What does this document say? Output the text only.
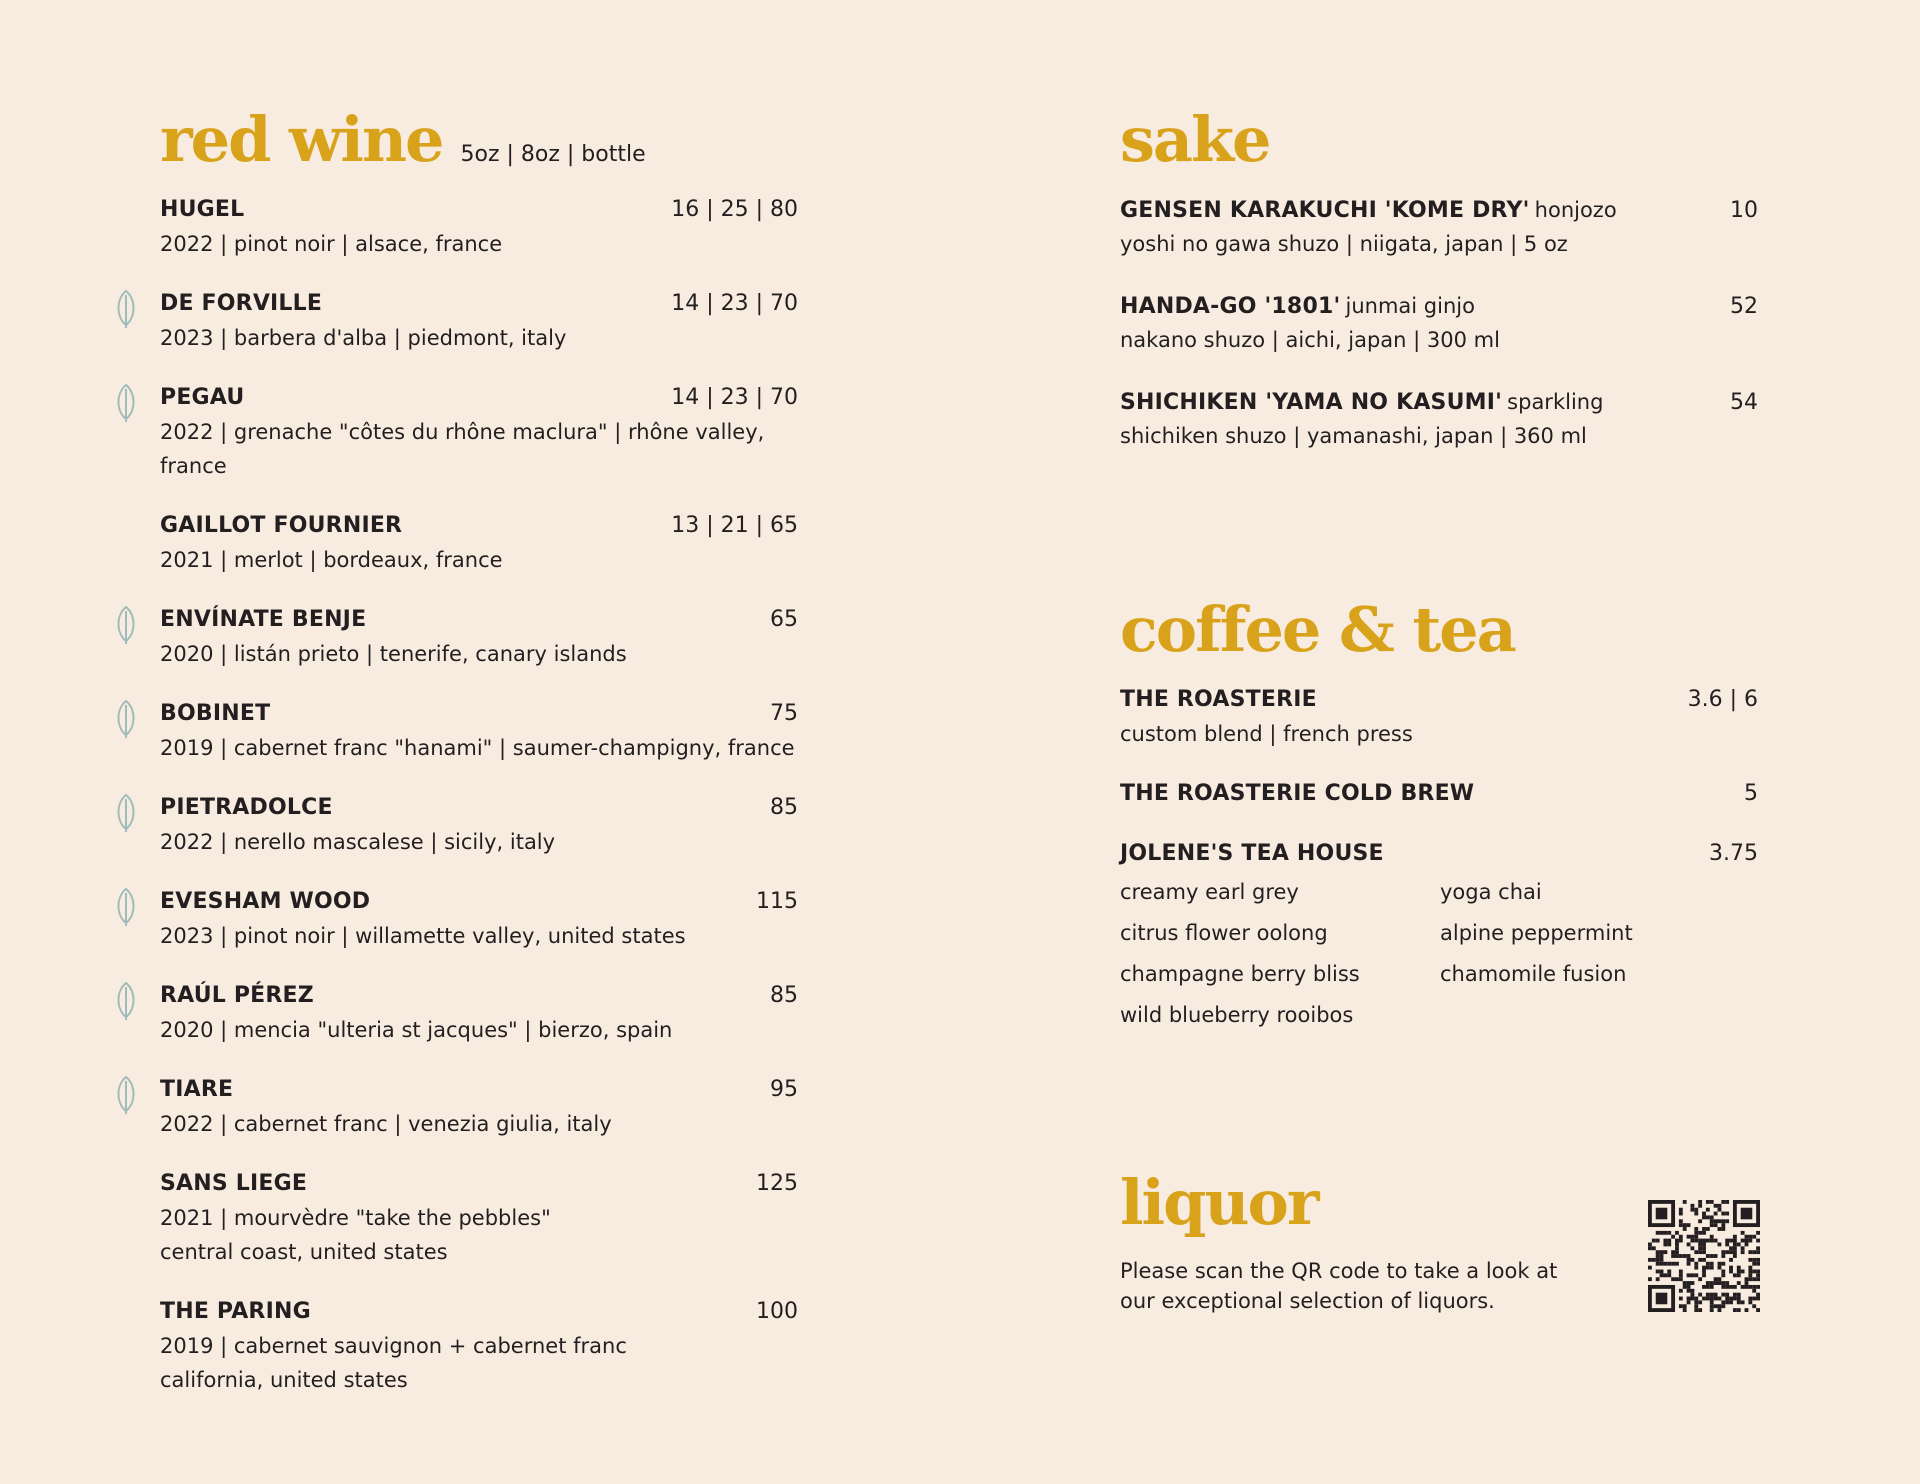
red wine 5oz | 8oz | bottle
HUGEL	16 | 25 | 80
2022 | pinot noir | alsace, france
DE FORVILLE	14 | 23 | 70
2023 | barbera d'alba | piedmont, italy
PEGAU	14 | 23 | 70
2022 | grenache "côtes du rhône maclura" | rhône valley, france
GAILLOT FOURNIER	13 | 21 | 65
2021 | merlot | bordeaux, france
ENVÍNATE BENJE	65
2020 | listán prieto | tenerife, canary islands
BOBINET	75
2019 | cabernet franc "hanami" | saumer-champigny, france
PIETRADOLCE	85
2022 | nerello mascalese | sicily, italy
EVESHAM WOOD	115
2023 | pinot noir | willamette valley, united states
RAÚL PÉREZ	85
2020 | mencia "ulteria st jacques" | bierzo, spain
TIARE	95
2022 | cabernet franc | venezia giulia, italy
SANS LIEGE	125
2021 | mourvèdre "take the pebbles"
central coast, united states
THE PARING	100
2019 | cabernet sauvignon + cabernet franc
california, united states
sake
GENSEN KARAKUCHI 'KOME DRY' honjozo	10
yoshi no gawa shuzo | niigata, japan | 5 oz
HANDA-GO '1801' junmai ginjo	52
nakano shuzo | aichi, japan | 300 ml
SHICHIKEN 'YAMA NO KASUMI' sparkling	54
shichiken shuzo | yamanashi, japan | 360 ml
coffee & tea
THE ROASTERIE	3.6 | 6
custom blend | french press
THE ROASTERIE COLD BREW	5
JOLENE'S TEA HOUSE	3.75
creamy earl grey	yoga chai
citrus flower oolong	alpine peppermint
champagne berry bliss	chamomile fusion
wild blueberry rooibos
liquor
Please scan the QR code to take a look at our exceptional selection of liquors.
